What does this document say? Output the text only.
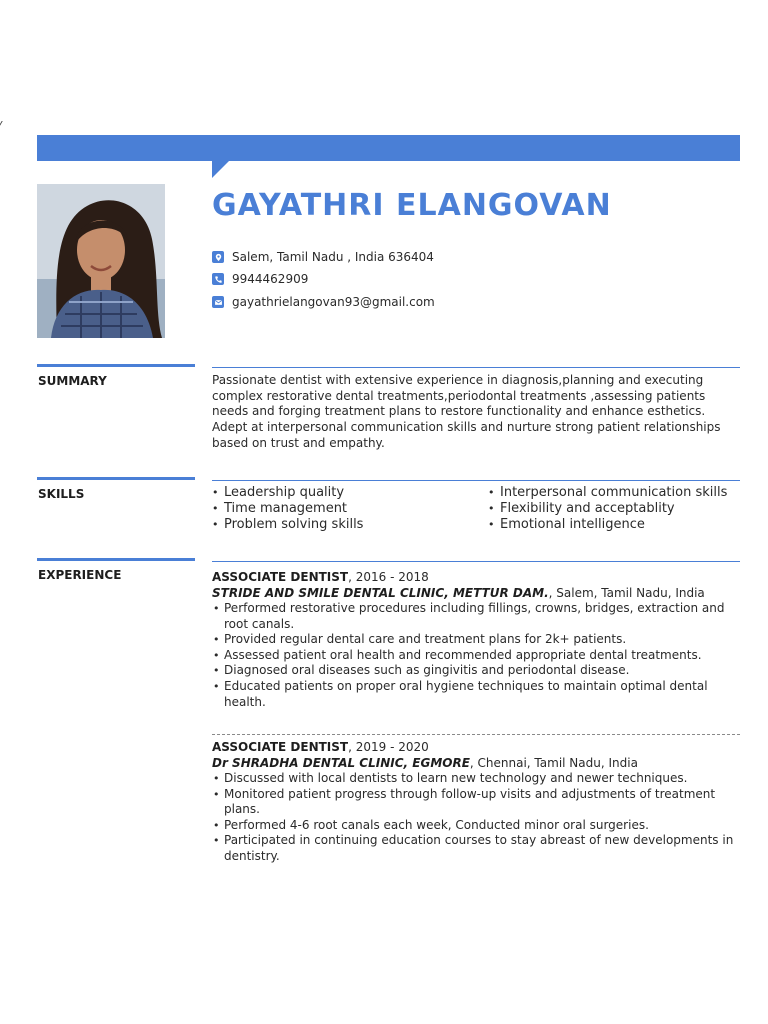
GAYATHRI ELANGOVAN
Salem, Tamil Nadu , India 636404
9944462909
gayathrielangovan93@gmail.com
SUMMARY	Passionate dentist with extensive experience in diagnosis,planning and executing complex restorative dental treatments,periodontal treatments ,assessing patients needs and forging treatment plans to restore functionality and enhance esthetics. Adept at interpersonal communication skills and nurture strong patient relationships based on trust and empathy.
SKILLS
•	Leadership quality
• Time management
• Problem solving skills
• Interpersonal communication skills
• Flexibility and acceptablity
• Emotional intelligence
EXPERIENCE	ASSOCIATE DENTIST, 2016 - 2018
STRIDE AND SMILE DENTAL CLINIC, METTUR DAM., Salem, Tamil Nadu, India
• Performed restorative procedures including fillings, crowns, bridges, extraction and root canals.
• Provided regular dental care and treatment plans for 2k+ patients.
• Assessed patient oral health and recommended appropriate dental treatments.
• Diagnosed oral diseases such as gingivitis and periodontal disease.
• Educated patients on proper oral hygiene techniques to maintain optimal dental health.
ASSOCIATE DENTIST, 2019 - 2020
Dr SHRADHA DENTAL CLINIC, EGMORE, Chennai, Tamil Nadu, India
• Discussed with local dentists to learn new technology and newer techniques.
• Monitored patient progress through follow-up visits and adjustments of treatment plans.
• Performed 4-6 root canals each week, Conducted minor oral surgeries.
• Participated in continuing education courses to stay abreast of new developments in dentistry.
